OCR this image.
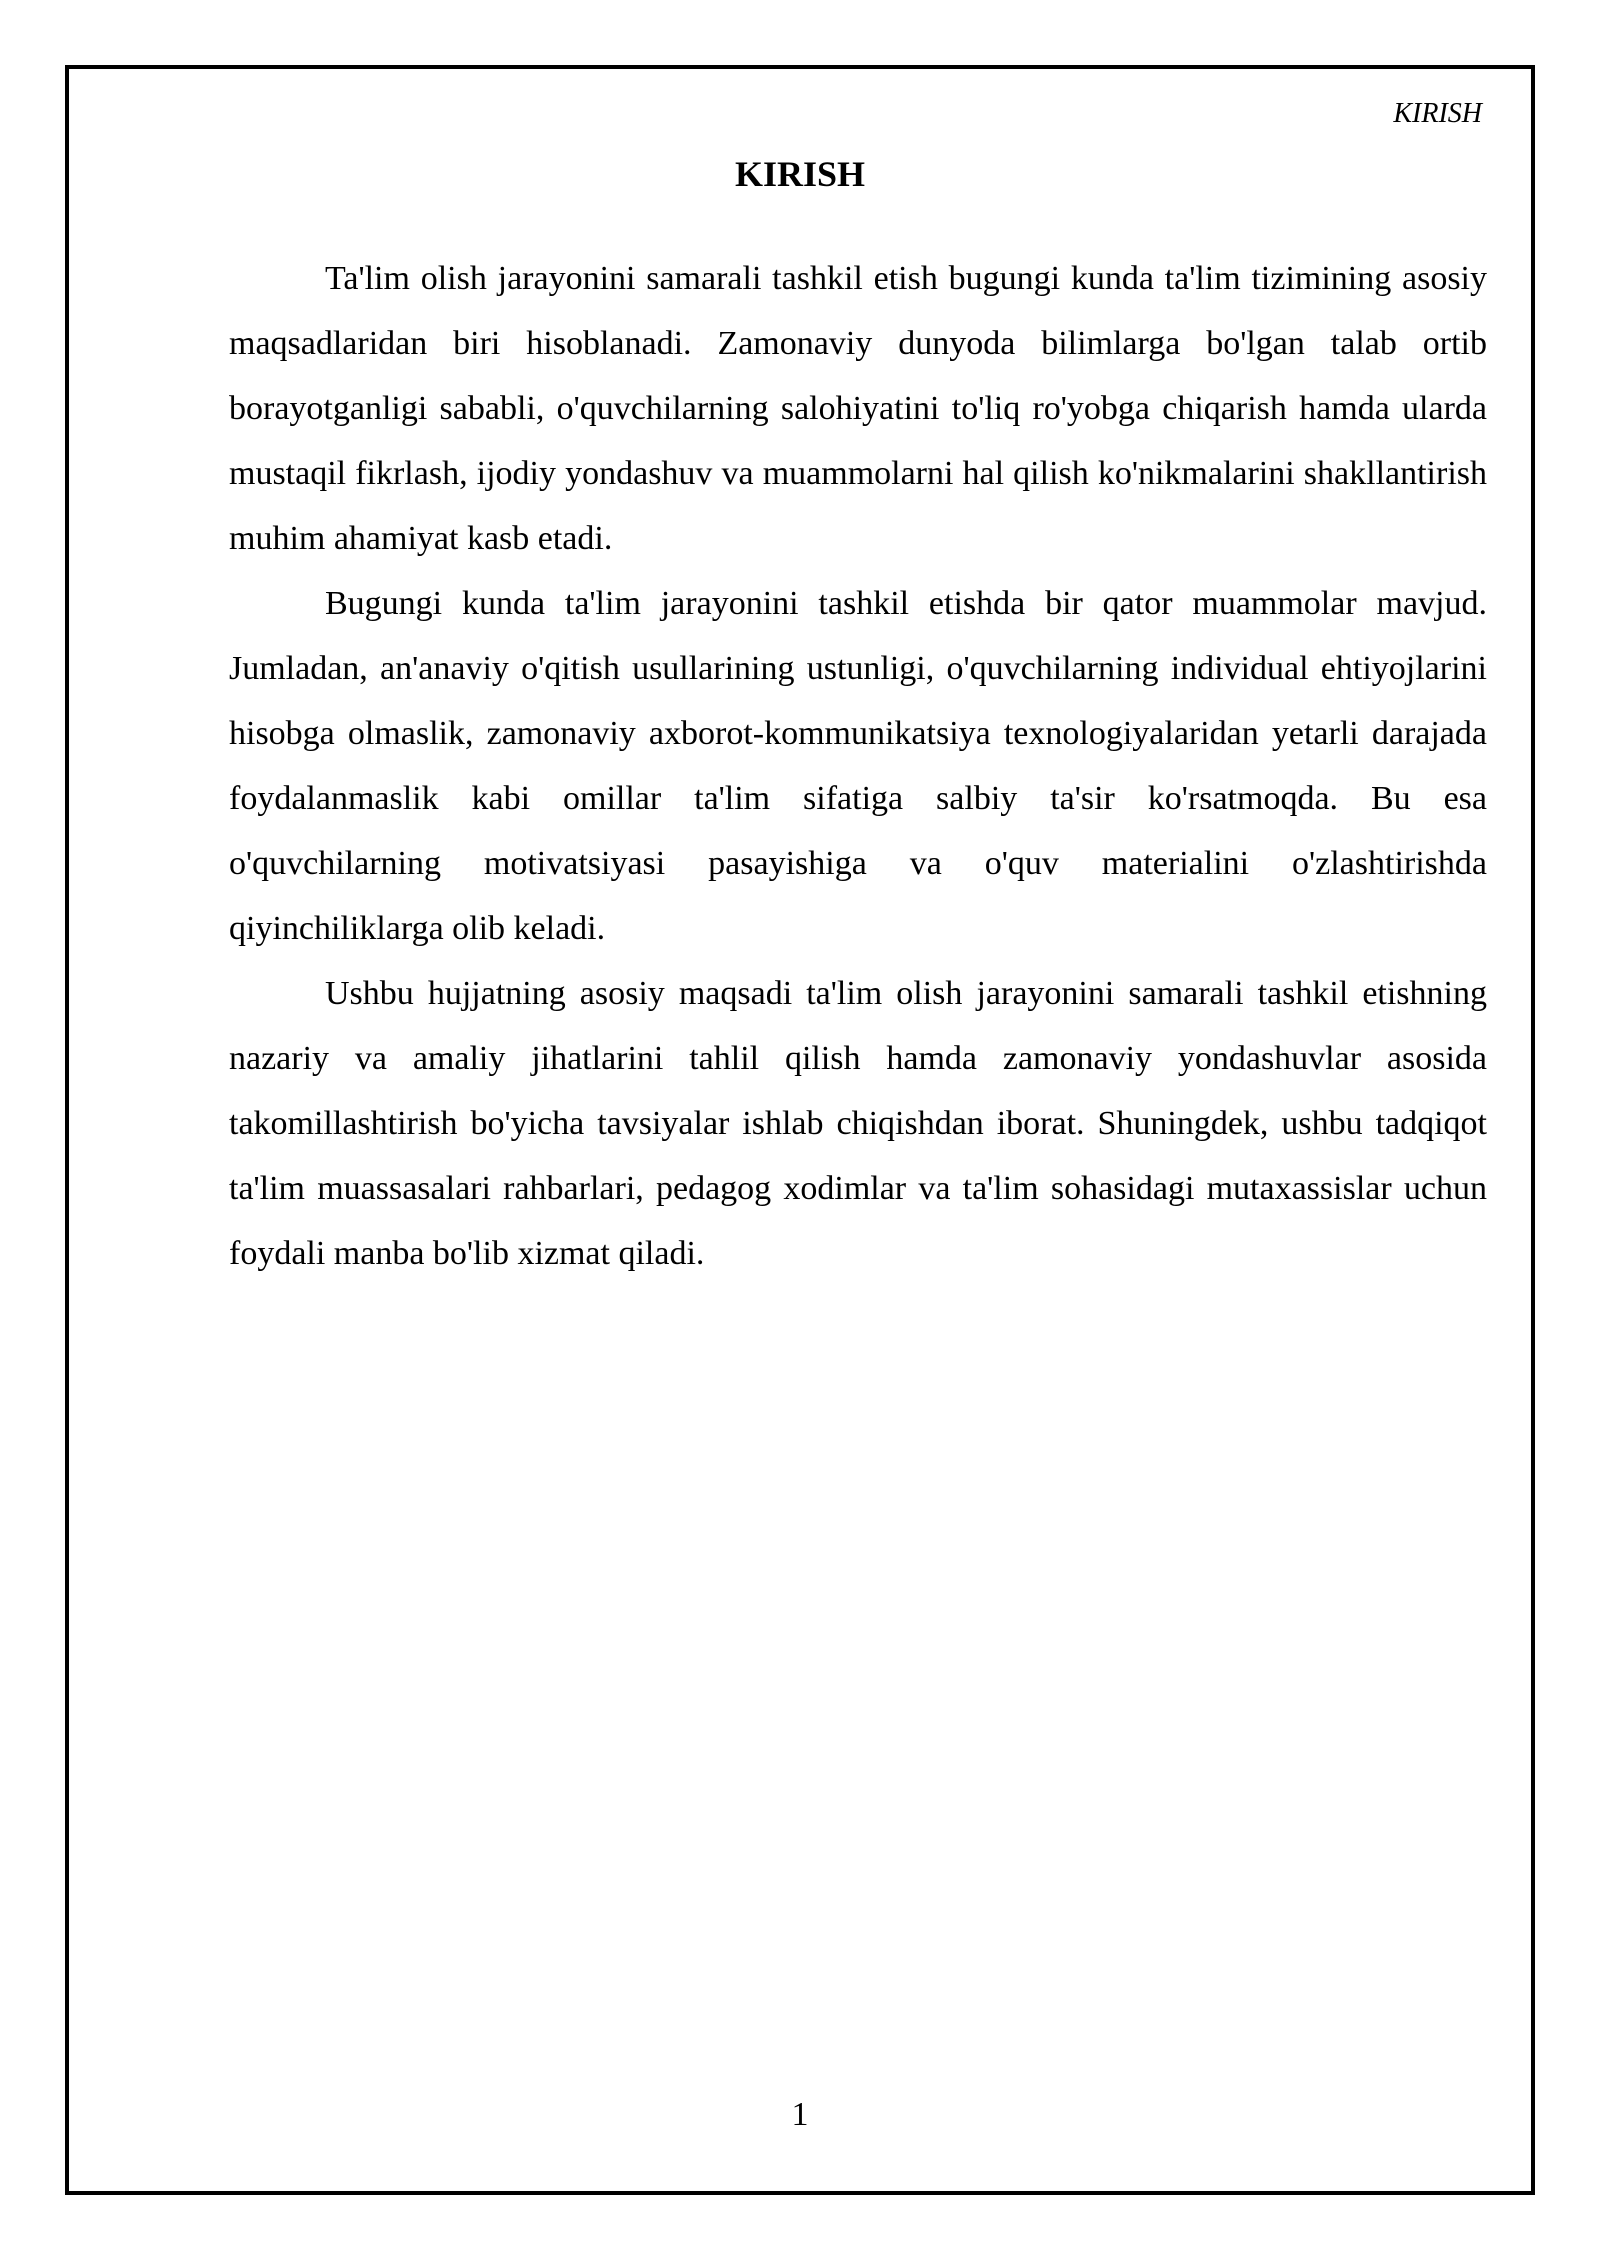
KIRISH
KIRISH

Ta'lim olish jarayonini samarali tashkil etish bugungi kunda ta'lim tizimining asosiy maqsadlaridan biri hisoblanadi. Zamonaviy dunyoda bilimlarga bo'lgan talab ortib borayotganligi sababli, o'quvchilarning salohiyatini to'liq ro'yobga chiqarish hamda ularda mustaqil fikrlash, ijodiy yondashuv va muammolarni hal qilish ko'nikmalarini shakllantirish muhim ahamiyat kasb etadi.

Bugungi kunda ta'lim jarayonini tashkil etishda bir qator muammolar mavjud. Jumladan, an'anaviy o'qitish usullarining ustunligi, o'quvchilarning individual ehtiyojlarini hisobga olmaslik, zamonaviy axborot-kommunikatsiya texnologiyalaridan yetarli darajada foydalanmaslik kabi omillar ta'lim sifatiga salbiy ta'sir ko'rsatmoqda. Bu esa o'quvchilarning motivatsiyasi pasayishiga va o'quv materialini o'zlashtirishda qiyinchiliklarga olib keladi.

Ushbu hujjatning asosiy maqsadi ta'lim olish jarayonini samarali tashkil etishning nazariy va amaliy jihatlarini tahlil qilish hamda zamonaviy yondashuvlar asosida takomillashtirish bo'yicha tavsiyalar ishlab chiqishdan iborat. Shuningdek, ushbu tadqiqot ta'lim muassasalari rahbarlari, pedagog xodimlar va ta'lim sohasidagi mutaxassislar uchun foydali manba bo'lib xizmat qiladi.

1
